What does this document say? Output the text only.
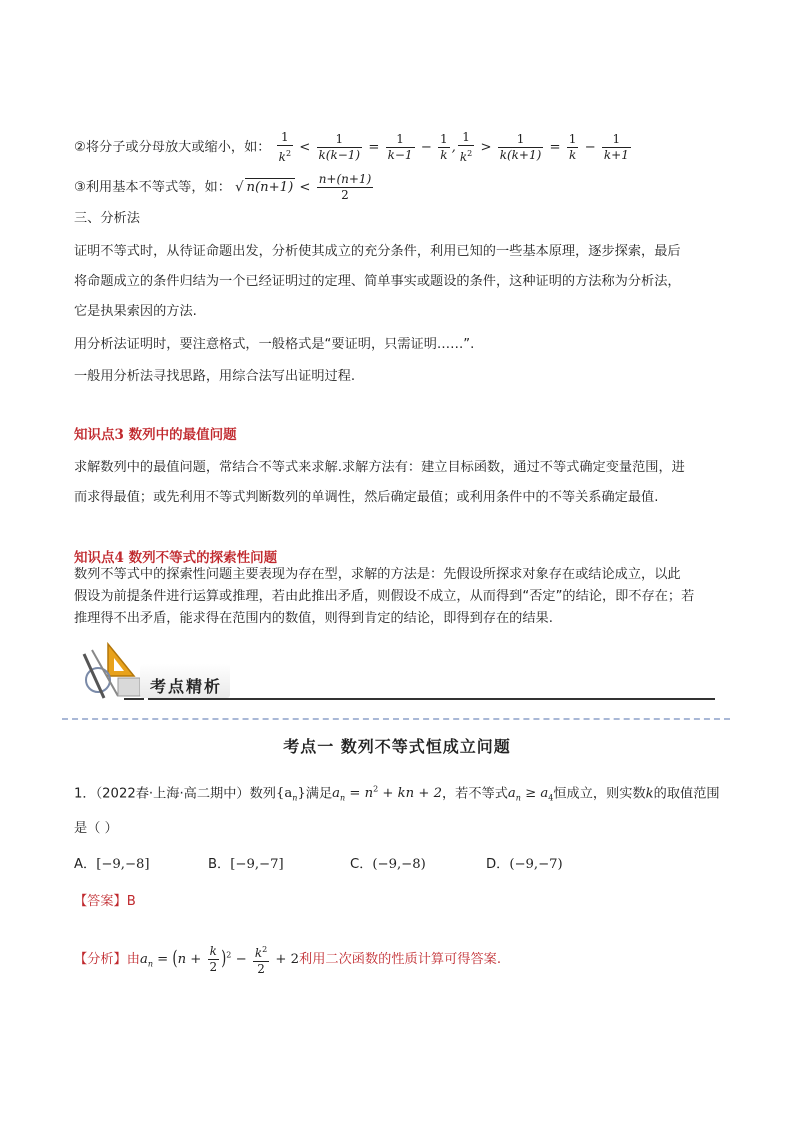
②将分子或分母放大或缩小，如： $\frac{1}{k^2} < \frac{1}{k(k-1)} = \frac{1}{k-1} - \frac{1}{k}$ , $\frac{1}{k^2} > \frac{1}{k(k+1)} = \frac{1}{k} - \frac{1}{k+1}$
③利用基本不等式等，如： √ $n(n+1) < \frac{n+(n+1)}{2}$
三、分析法
证明不等式时，从待证命题出发，分析使其成立的充分条件，利用已知的一些基本原理，逐步探索，最后
将命题成立的条件归结为一个已经证明过的定理、简单事实或题设的条件，这种证明的方法称为分析法，
它是执果索因的方法.
用分析法证明时，要注意格式，一般格式是“要证明，只需证明……”.
一般用分析法寻找思路，用综合法写出证明过程.
知识点3 数列中的最值问题
求解数列中的最值问题，常结合不等式来求解.求解方法有：建立目标函数，通过不等式确定变量范围，进
而求得最值；或先利用不等式判断数列的单调性，然后确定最值；或利用条件中的不等关系确定最值.
知识点4 数列不等式的探索性问题
数列不等式中的探索性问题主要表现为存在型，求解的方法是：先假设所探求对象存在或结论成立，以此
假设为前提条件进行运算或推理，若由此推出矛盾，则假设不成立，从而得到“否定”的结论，即不存在；若
推理得不出矛盾，能求得在范围内的数值，则得到肯定的结论，即得到存在的结果.
考点精析
考点一 数列不等式恒成立问题
1．（2022春·上海·高二期中）数列$\{a_n\}$满足$a_n = n^2$ + kn + 2，若不等式$a_n \ge a_4$恒成立，则实数k的取值范围
是（ ）
A．[−9,−8]	B．[−9,−7]	C．(−9,−8)	D．(−9,−7)
【答案】B
【分析】由$a_n = (n + \frac{k}{2} )^2 - \frac{k^2}{2} + 2$利用二次函数的性质计算可得答案.
